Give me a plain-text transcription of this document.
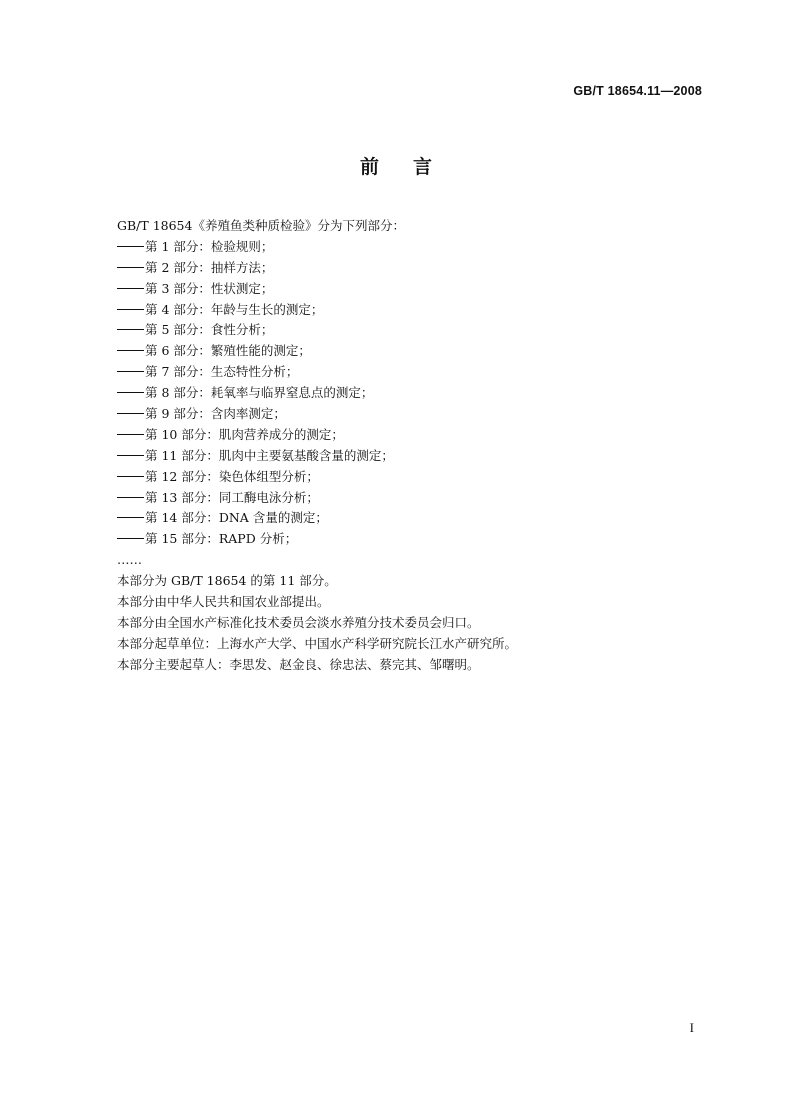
GB/T 18654.11—2008
前言
GB/T 18654《养殖鱼类种质检验》分为下列部分：
第 1 部分：检验规则；
第 2 部分：抽样方法；
第 3 部分：性状测定；
第 4 部分：年龄与生长的测定；
第 5 部分：食性分析；
第 6 部分：繁殖性能的测定；
第 7 部分：生态特性分析；
第 8 部分：耗氧率与临界窒息点的测定；
第 9 部分：含肉率测定；
第 10 部分：肌肉营养成分的测定；
第 11 部分：肌肉中主要氨基酸含量的测定；
第 12 部分：染色体组型分析；
第 13 部分：同工酶电泳分析；
第 14 部分：DNA 含量的测定；
第 15 部分：RAPD 分析；
……
本部分为 GB/T 18654 的第 11 部分。
本部分由中华人民共和国农业部提出。
本部分由全国水产标准化技术委员会淡水养殖分技术委员会归口。
本部分起草单位：上海水产大学、中国水产科学研究院长江水产研究所。
本部分主要起草人：李思发、赵金良、徐忠法、蔡完其、邹曙明。
I
